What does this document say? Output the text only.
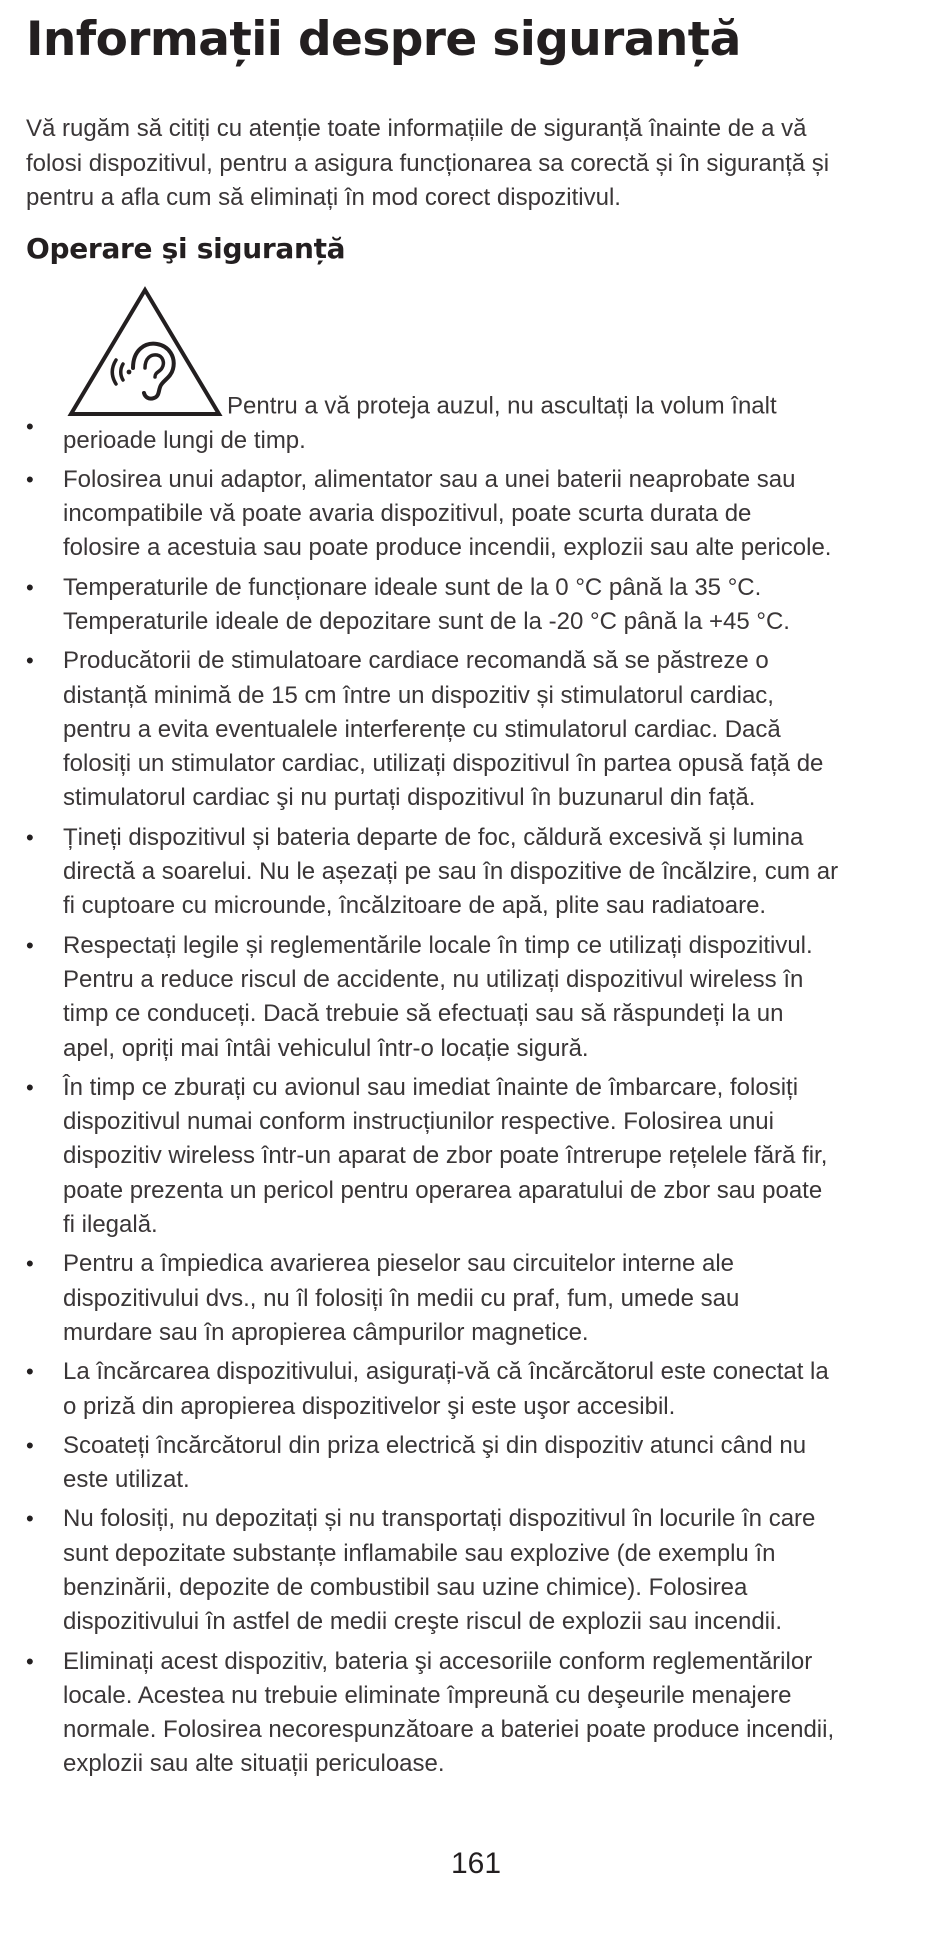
Informații despre siguranță

Vă rugăm să citiți cu atenție toate informațiile de siguranță înainte de a vă
folosi dispozitivul, pentru a asigura funcționarea sa corectă și în siguranță și
pentru a afla cum să eliminați în mod corect dispozitivul.

Operare şi siguranță
Pentru a vă proteja auzul, nu ascultați la volum înalt
perioade lungi de timp.
•
• Folosirea unui adaptor, alimentator sau a unei baterii neaprobate sau
incompatibile vă poate avaria dispozitivul, poate scurta durata de
folosire a acestuia sau poate produce incendii, explozii sau alte pericole.
• Temperaturile de funcționare ideale sunt de la 0 °C până la 35 °C.
Temperaturile ideale de depozitare sunt de la -20 °C până la +45 °C.
• Producătorii de stimulatoare cardiace recomandă să se păstreze o
distanță minimă de 15 cm între un dispozitiv și stimulatorul cardiac,
pentru a evita eventualele interferențe cu stimulatorul cardiac. Dacă
folosiți un stimulator cardiac, utilizați dispozitivul în partea opusă față de
stimulatorul cardiac şi nu purtați dispozitivul în buzunarul din față.
• Țineți dispozitivul și bateria departe de foc, căldură excesivă și lumina
directă a soarelui. Nu le așezați pe sau în dispozitive de încălzire, cum ar
fi cuptoare cu microunde, încălzitoare de apă, plite sau radiatoare.
• Respectați legile și reglementările locale în timp ce utilizați dispozitivul.
Pentru a reduce riscul de accidente, nu utilizați dispozitivul wireless în
timp ce conduceți. Dacă trebuie să efectuați sau să răspundeți la un
apel, opriți mai întâi vehiculul într-o locație sigură.
• În timp ce zburați cu avionul sau imediat înainte de îmbarcare, folosiți
dispozitivul numai conform instrucțiunilor respective. Folosirea unui
dispozitiv wireless într-un aparat de zbor poate întrerupe rețelele fără fir,
poate prezenta un pericol pentru operarea aparatului de zbor sau poate
fi ilegală.
• Pentru a împiedica avarierea pieselor sau circuitelor interne ale
dispozitivului dvs., nu îl folosiți în medii cu praf, fum, umede sau
murdare sau în apropierea câmpurilor magnetice.
• La încărcarea dispozitivului, asigurați-vă că încărcătorul este conectat la
o priză din apropierea dispozitivelor şi este uşor accesibil.
• Scoateți încărcătorul din priza electrică şi din dispozitiv atunci când nu
este utilizat.
• Nu folosiți, nu depozitați și nu transportați dispozitivul în locurile în care
sunt depozitate substanțe inflamabile sau explozive (de exemplu în
benzinării, depozite de combustibil sau uzine chimice). Folosirea
dispozitivului în astfel de medii creşte riscul de explozii sau incendii.
• Eliminați acest dispozitiv, bateria şi accesoriile conform reglementărilor
locale. Acestea nu trebuie eliminate împreună cu deşeurile menajere
normale. Folosirea necorespunzătoare a bateriei poate produce incendii,
explozii sau alte situații periculoase.
161
